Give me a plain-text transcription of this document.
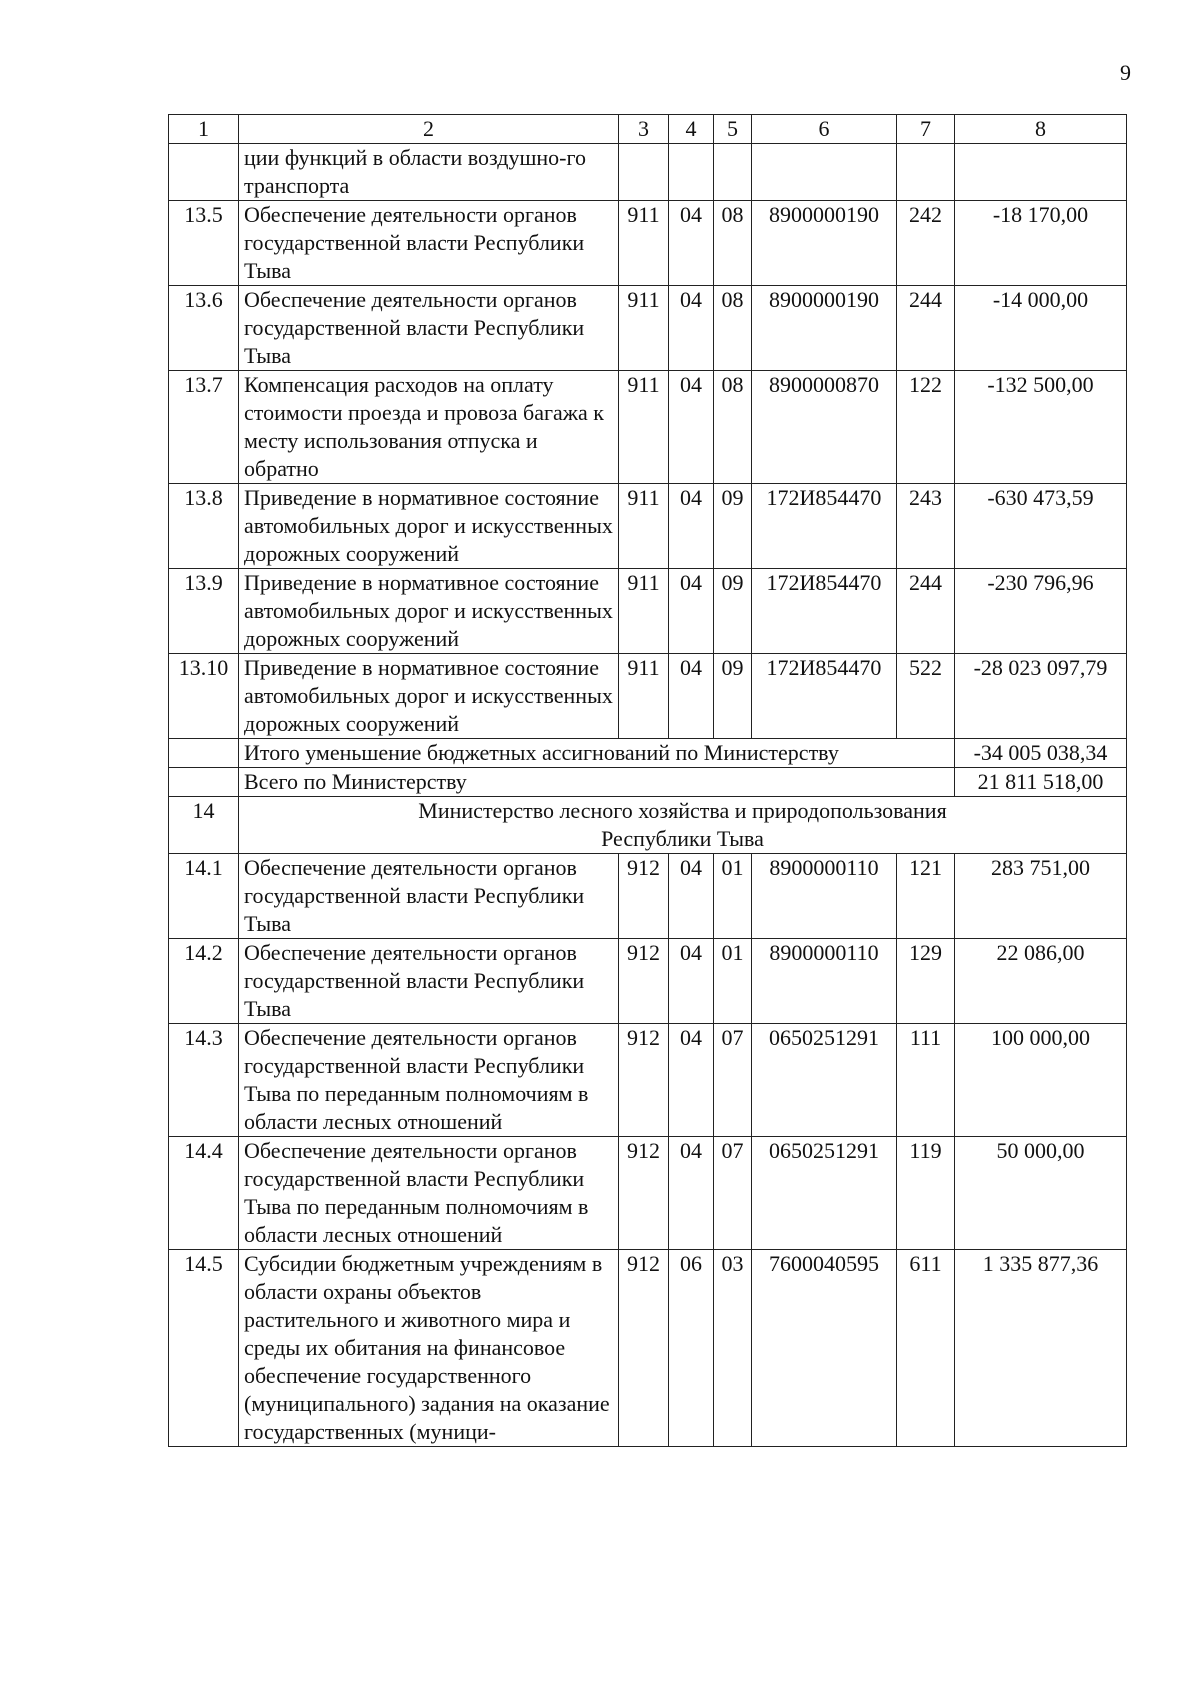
9
1	2	3	4	5	6	7	8
	ции функций в области воздушно-го транспорта						
13.5	Обеспечение деятельности органов государственной власти Республики Тыва	911	04	08	8900000190	242	-18 170,00
13.6	Обеспечение деятельности органов государственной власти Республики Тыва	911	04	08	8900000190	244	-14 000,00
13.7	Компенсация расходов на оплату стоимости проезда и провоза багажа к месту использования отпуска и обратно	911	04	08	8900000870	122	-132 500,00
13.8	Приведение в нормативное состояние автомобильных дорог и искусственных дорожных сооружений	911	04	09	172И854470	243	-630 473,59
13.9	Приведение в нормативное состояние автомобильных дорог и искусственных дорожных сооружений	911	04	09	172И854470	244	-230 796,96
13.10	Приведение в нормативное состояние автомобильных дорог и искусственных дорожных сооружений	911	04	09	172И854470	522	-28 023 097,79
	Итого уменьшение бюджетных ассигнований по Министерству						-34 005 038,34
	Всего по Министерству						21 811 518,00
14	Министерство лесного хозяйства и природопользования Республики Тыва						
14.1	Обеспечение деятельности органов государственной власти Республики Тыва	912	04	01	8900000110	121	283 751,00
14.2	Обеспечение деятельности органов государственной власти Республики Тыва	912	04	01	8900000110	129	22 086,00
14.3	Обеспечение деятельности органов государственной власти Республики Тыва по переданным полномочиям в области лесных отношений	912	04	07	0650251291	111	100 000,00
14.4	Обеспечение деятельности органов государственной власти Республики Тыва по переданным полномочиям в области лесных отношений	912	04	07	0650251291	119	50 000,00
14.5	Субсидии бюджетным учреждениям в области охраны объектов растительного и животного мира и среды их обитания на финансовое обеспечение государственного (муниципального) задания на оказание государственных (муници-	912	06	03	7600040595	611	1 335 877,36
